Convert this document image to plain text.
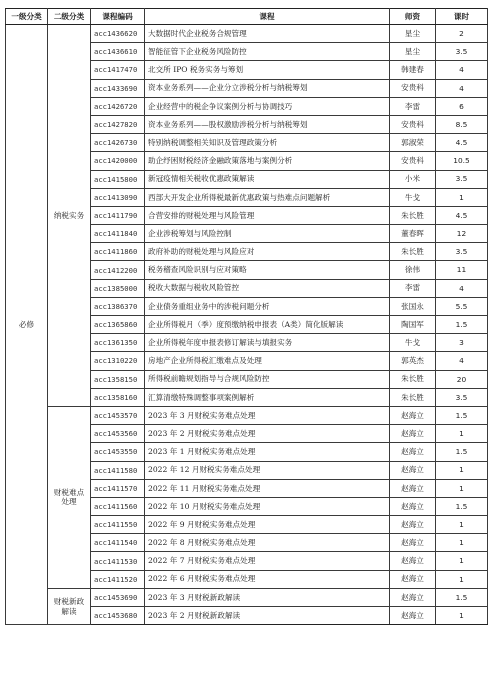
一级分类	二级分类	课程编码	课程	师资	课时
必修	纳税实务	acc1436620	大数据时代企业税务合规管理	星尘	2
		acc1436610	智能征管下企业税务风险防控	星尘	3.5
		acc1417470	北交所 IPO 税务实务与筹划	韩建春	4
		acc1433690	资本业务系列——企业分立涉税分析与纳税筹划	安贵科	4
		acc1426720	企业经营中的税企争议案例分析与协调技巧	李雷	6
		acc1427820	资本业务系列——股权激励涉税分析与纳税筹划	安贵科	8.5
		acc1426730	特别纳税调整相关知识及管理政策分析	郭淑荣	4.5
		acc1420000	助企纾困财税经济金融政策落地与案例分析	安贵科	10.5
		acc1415800	新冠疫情相关税收优惠政策解读	小米	3.5
		acc1413090	西部大开发企业所得税最新优惠政策与热难点问题解析	牛戈	1
		acc1411790	合营安排的财税处理与风险管理	朱长胜	4.5
		acc1411840	企业涉税筹划与风险控制	董春晖	12
		acc1411860	政府补助的财税处理与风险应对	朱长胜	3.5
		acc1412200	税务稽查风险识别与应对策略	徐伟	11
		acc1385000	税收大数据与税收风险管控	李雷	4
		acc1386370	企业债务重组业务中的涉税问题分析	张国永	5.5
		acc1365860	企业所得税月（季）度预缴纳税申报表（A类）简化版解读	陶国军	1.5
		acc1361350	企业所得税年度申报表修订解读与填报实务	牛戈	3
		acc1310220	房地产企业所得税汇缴难点及处理	郭英杰	4
		acc1358150	所得税前瞻规划指导与合规风险防控	朱长胜	20
		acc1358160	汇算清缴特殊调整事项案例解析	朱长胜	3.5
	财税难点处理	acc1453570	2023 年 3 月财税实务难点处理	赵海立	1.5
		acc1453560	2023 年 2 月财税实务难点处理	赵海立	1
		acc1453550	2023 年 1 月财税实务难点处理	赵海立	1.5
		acc1411580	2022 年 12 月财税实务难点处理	赵海立	1
		acc1411570	2022 年 11 月财税实务难点处理	赵海立	1
		acc1411560	2022 年 10 月财税实务难点处理	赵海立	1.5
		acc1411550	2022 年 9 月财税实务难点处理	赵海立	1
		acc1411540	2022 年 8 月财税实务难点处理	赵海立	1
		acc1411530	2022 年 7 月财税实务难点处理	赵海立	1
		acc1411520	2022 年 6 月财税实务难点处理	赵海立	1
	财税新政解读	acc1453690	2023 年 3 月财税新政解读	赵海立	1.5
		acc1453680	2023 年 2 月财税新政解读	赵海立	1
